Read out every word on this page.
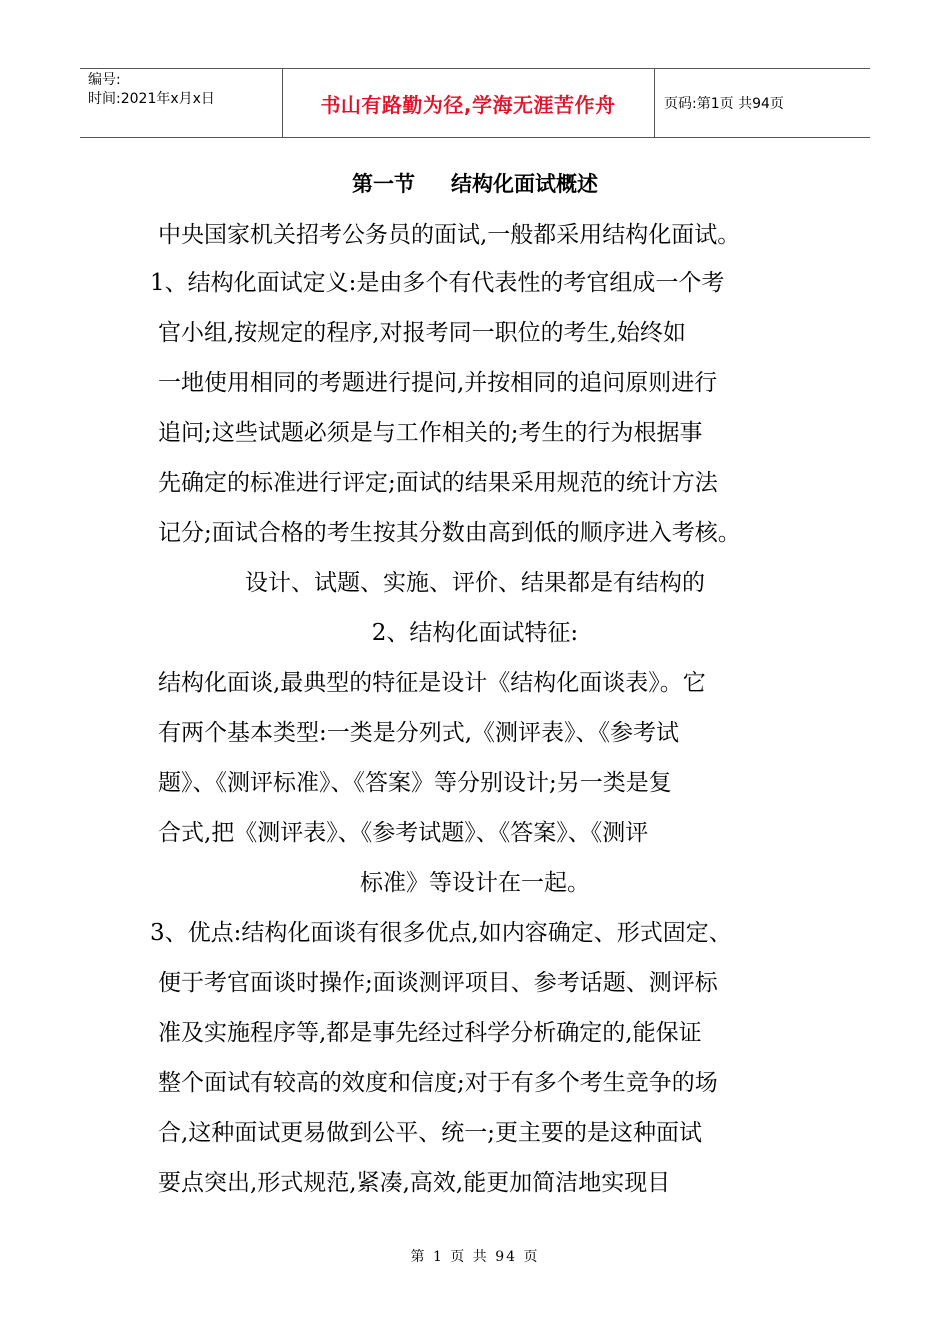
编号:
时间:2021年x月x日	书山有路勤为径,学海无涯苦作舟	页码:第1页 共94页
第一节 结构化面试概述
中央国家机关招考公务员的面试,一般都采用结构化面试。
1、结构化面试定义:是由多个有代表性的考官组成一个考
官小组,按规定的程序,对报考同一职位的考生,始终如
一地使用相同的考题进行提问,并按相同的追问原则进行
追问;这些试题必须是与工作相关的;考生的行为根据事
先确定的标准进行评定;面试的结果采用规范的统计方法
记分;面试合格的考生按其分数由高到低的顺序进入考核。
设计、试题、实施、评价、结果都是有结构的
2、结构化面试特征:
结构化面谈,最典型的特征是设计《结构化面谈表》。它
有两个基本类型:一类是分列式,《测评表》、《参考试
题》、《测评标准》、《答案》等分别设计;另一类是复
合式,把《测评表》、《参考试题》、《答案》、《测评
标准》等设计在一起。
3、优点:结构化面谈有很多优点,如内容确定、形式固定、
便于考官面谈时操作;面谈测评项目、参考话题、测评标
准及实施程序等,都是事先经过科学分析确定的,能保证
整个面试有较高的效度和信度;对于有多个考生竞争的场
合,这种面试更易做到公平、统一;更主要的是这种面试
要点突出,形式规范,紧凑,高效,能更加简洁地实现目
第 1 页 共 94 页
